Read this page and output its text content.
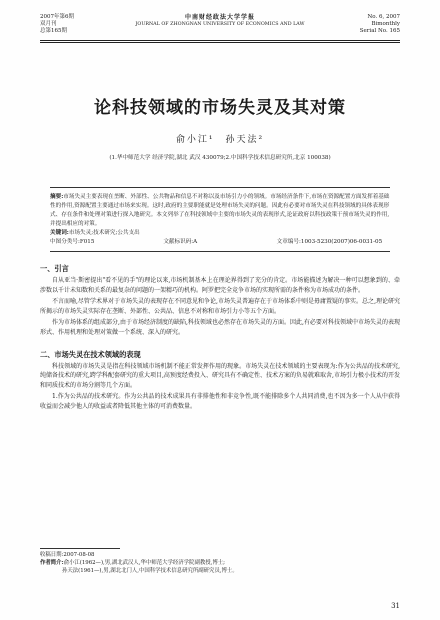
2007年第6期
双月刊
总第165期
中南财经政法大学学报
JOURNAL OF ZHONGNAN UNIVERSITY OF ECONOMICS AND LAW
No. 6, 2007
Bimonthly
Serial No. 165
论科技领域的市场失灵及其对策
俞小江¹　孙天法²
(1.华中师范大学 经济学院,湖北 武汉 430079;2.中国科学技术信息研究所,北京 100038)
摘要:市场失灵主要表现在垄断、外部性、公共物品和信息不对称以及市场引力小的领域。市场经济条件下,市场在资源配置方面发挥着基础性的作用,资源配置主要通过市场来实现。这时,政府的主要职能就是处理市场失灵的问题。因此有必要对市场失灵在科技领域的具体表现形式、存在条件和处理对策进行探入地研究。本文列举了在科技领域中主要的市场失灵的表现形式,论证政府以科技政策干预市场失灵的作用,并提出相应的对策。
关键词:市场失灵;技术研究;公共支出
中图分类号:F015	文献标识码:A	文章编号:1003-5230(2007)06-0031-05
一、引言

自从亚当·斯密提出"看不见的手"的理论以来,市场机制基本上在理论界得到了充分的肯定。市场能描述为解决一种可以想象到的、牵涉数以千计未知数和关系的最复杂的问题的一架精巧的机构。阿罗把完全竞争市场的实现所需的条件称为市场成功的条件。

不言而喻,尽管学术界对于市场失灵的表现存在不同意见和争论,市场失灵普遍存在于市场体系中则是毋庸置疑的事实。总之,理论研究所揭示的市场失灵实际存在垄断、外部性、公共品、信息不对称和市场引力小等五个方面。

作为市场体系的组成部分,由于市场经济制度的缺陷,科技领域也必然存在市场失灵的方面。因此,有必要对科技领域中市场失灵的表现形式、作用机理和处理对策做一个系统、深入的研究。

二、市场失灵在技术领域的表现

科技领域的市场失灵是指在科技领域市场机制不能正常发挥作用的现象。市场失灵在技术领域的主要表现为:作为公共品的技术研究,纯储备技术的研究,跨学科配套研究的重大项目,高预度经费投入、研究具有不确定性、技术方案的负易就难取舍,市场引力极小技术的开发和同质技术的市场分割等几个方面。

1.作为公共品的技术研究。作为公共品的技术成果具有非排他性和非竞争性,既不能排除多个人共同消费,也不因为多一个人从中获得收益而会减少他人的收益或者降低其他主体的可消费数量。

收稿日期:2007-08-08
作者简介:俞小江(1962—),男,湖北武汉人,华中师范大学经济学院副教授,博士;
孙天法(1961—),男,湖北北门人,中国科学技术信息研究所副研究员,博士。
31
